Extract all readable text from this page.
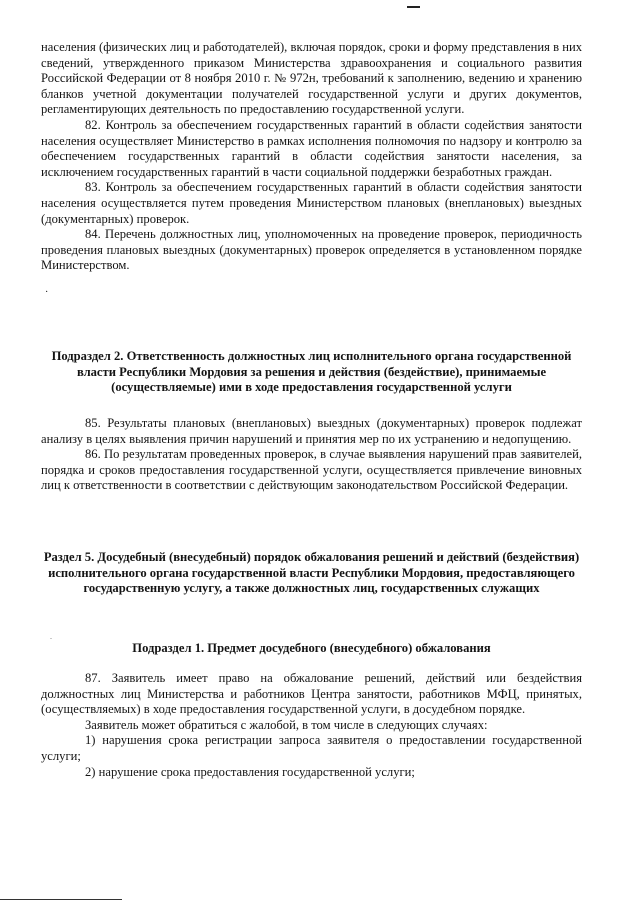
населения (физических лиц и работодателей), включая порядок, сроки и форму представления в них сведений, утвержденного приказом Министерства здравоохранения и социального развития Российской Федерации от 8 ноября 2010 г. № 972н, требований к заполнению, ведению и хранению бланков учетной документации получателей государственной услуги и других документов, регламентирующих деятельность по предоставлению государственной услуги.

82. Контроль за обеспечением государственных гарантий в области содействия занятости населения осуществляет Министерство в рамках исполнения полномочия по надзору и контролю за обеспечением государственных гарантий в области содействия занятости населения, за исключением государственных гарантий в части социальной поддержки безработных граждан.

83. Контроль за обеспечением государственных гарантий в области содействия занятости населения осуществляется путем проведения Министерством плановых (внеплановых) выездных (документарных) проверок.

84. Перечень должностных лиц, уполномоченных на проведение проверок, периодичность проведения плановых выездных (документарных) проверок определяется в установленном порядке Министерством.

·

Подраздел 2. Ответственность должностных лиц исполнительного органа государственной власти Республики Мордовия за решения и действия (бездействие), принимаемые (осуществляемые) ими в ходе предоставления государственной услуги

85. Результаты плановых (внеплановых) выездных (документарных) проверок подлежат анализу в целях выявления причин нарушений и принятия мер по их устранению и недопущению.

86. По результатам проведенных проверок, в случае выявления нарушений прав заявителей, порядка и сроков предоставления государственной услуги, осуществляется привлечение виновных лиц к ответственности в соответствии с действующим законодательством Российской Федерации.

Раздел 5. Досудебный (внесудебный) порядок обжалования решений и действий (бездействия) исполнительного органа государственной власти Республики Мордовия, предоставляющего государственную услугу, а также должностных лиц, государственных служащих

.

Подраздел 1. Предмет досудебного (внесудебного) обжалования

87. Заявитель имеет право на обжалование решений, действий или бездействия должностных лиц Министерства и работников Центра занятости, работников МФЦ, принятых, (осуществляемых) в ходе предоставления государственной услуги, в досудебном порядке.

Заявитель может обратиться с жалобой, в том числе в следующих случаях:

1) нарушения срока регистрации запроса заявителя о предоставлении государственной услуги;

2) нарушение срока предоставления государственной услуги;
